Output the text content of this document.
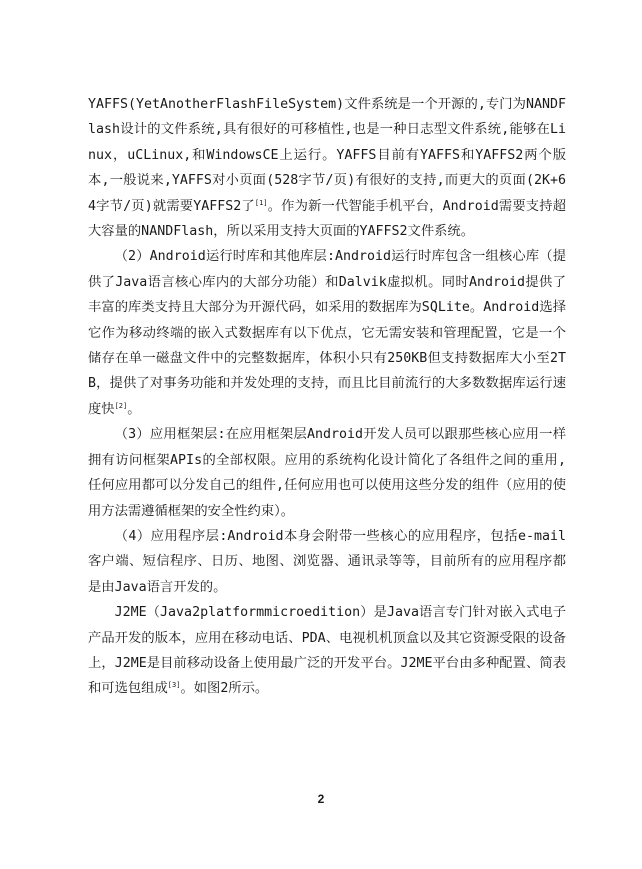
YAFFS(YetAnotherFlashFileSystem)文件系统是一个开源的,专门为NANDFlash设计的文件系统,具有很好的可移植性,也是一种日志型文件系统,能够在Linux，uCLinux,和WindowsCE上运行。YAFFS目前有YAFFS和YAFFS2两个版本,一般说来,YAFFS对小页面(528字节/页)有很好的支持,而更大的页面(2K+64字节/页)就需要YAFFS2了[1]。作为新一代智能手机平台，Android需要支持超大容量的NANDFlash，所以采用支持大页面的YAFFS2文件系统。

（2）Android运行时库和其他库层:Android运行时库包含一组核心库（提供了Java语言核心库内的大部分功能）和Dalvik虚拟机。同时Android提供了丰富的库类支持且大部分为开源代码，如采用的数据库为SQLite。Android选择它作为移动终端的嵌入式数据库有以下优点，它无需安装和管理配置，它是一个储存在单一磁盘文件中的完整数据库，体积小只有250KB但支持数据库大小至2TB，提供了对事务功能和并发处理的支持，而且比目前流行的大多数数据库运行速度快[2]。

（3）应用框架层:在应用框架层Android开发人员可以跟那些核心应用一样拥有访问框架APIs的全部权限。应用的系统构化设计简化了各组件之间的重用,任何应用都可以分发自己的组件,任何应用也可以使用这些分发的组件（应用的使用方法需遵循框架的安全性约束）。

（4）应用程序层:Android本身会附带一些核心的应用程序，包括e-mail客户端、短信程序、日历、地图、浏览器、通讯录等等，目前所有的应用程序都是由Java语言开发的。

J2ME（Java2platformmicroedition）是Java语言专门针对嵌入式电子产品开发的版本，应用在移动电话、PDA、电视机机顶盒以及其它资源受限的设备上，J2ME是目前移动设备上使用最广泛的开发平台。J2ME平台由多种配置、简表和可选包组成[3]。如图2所示。

2
